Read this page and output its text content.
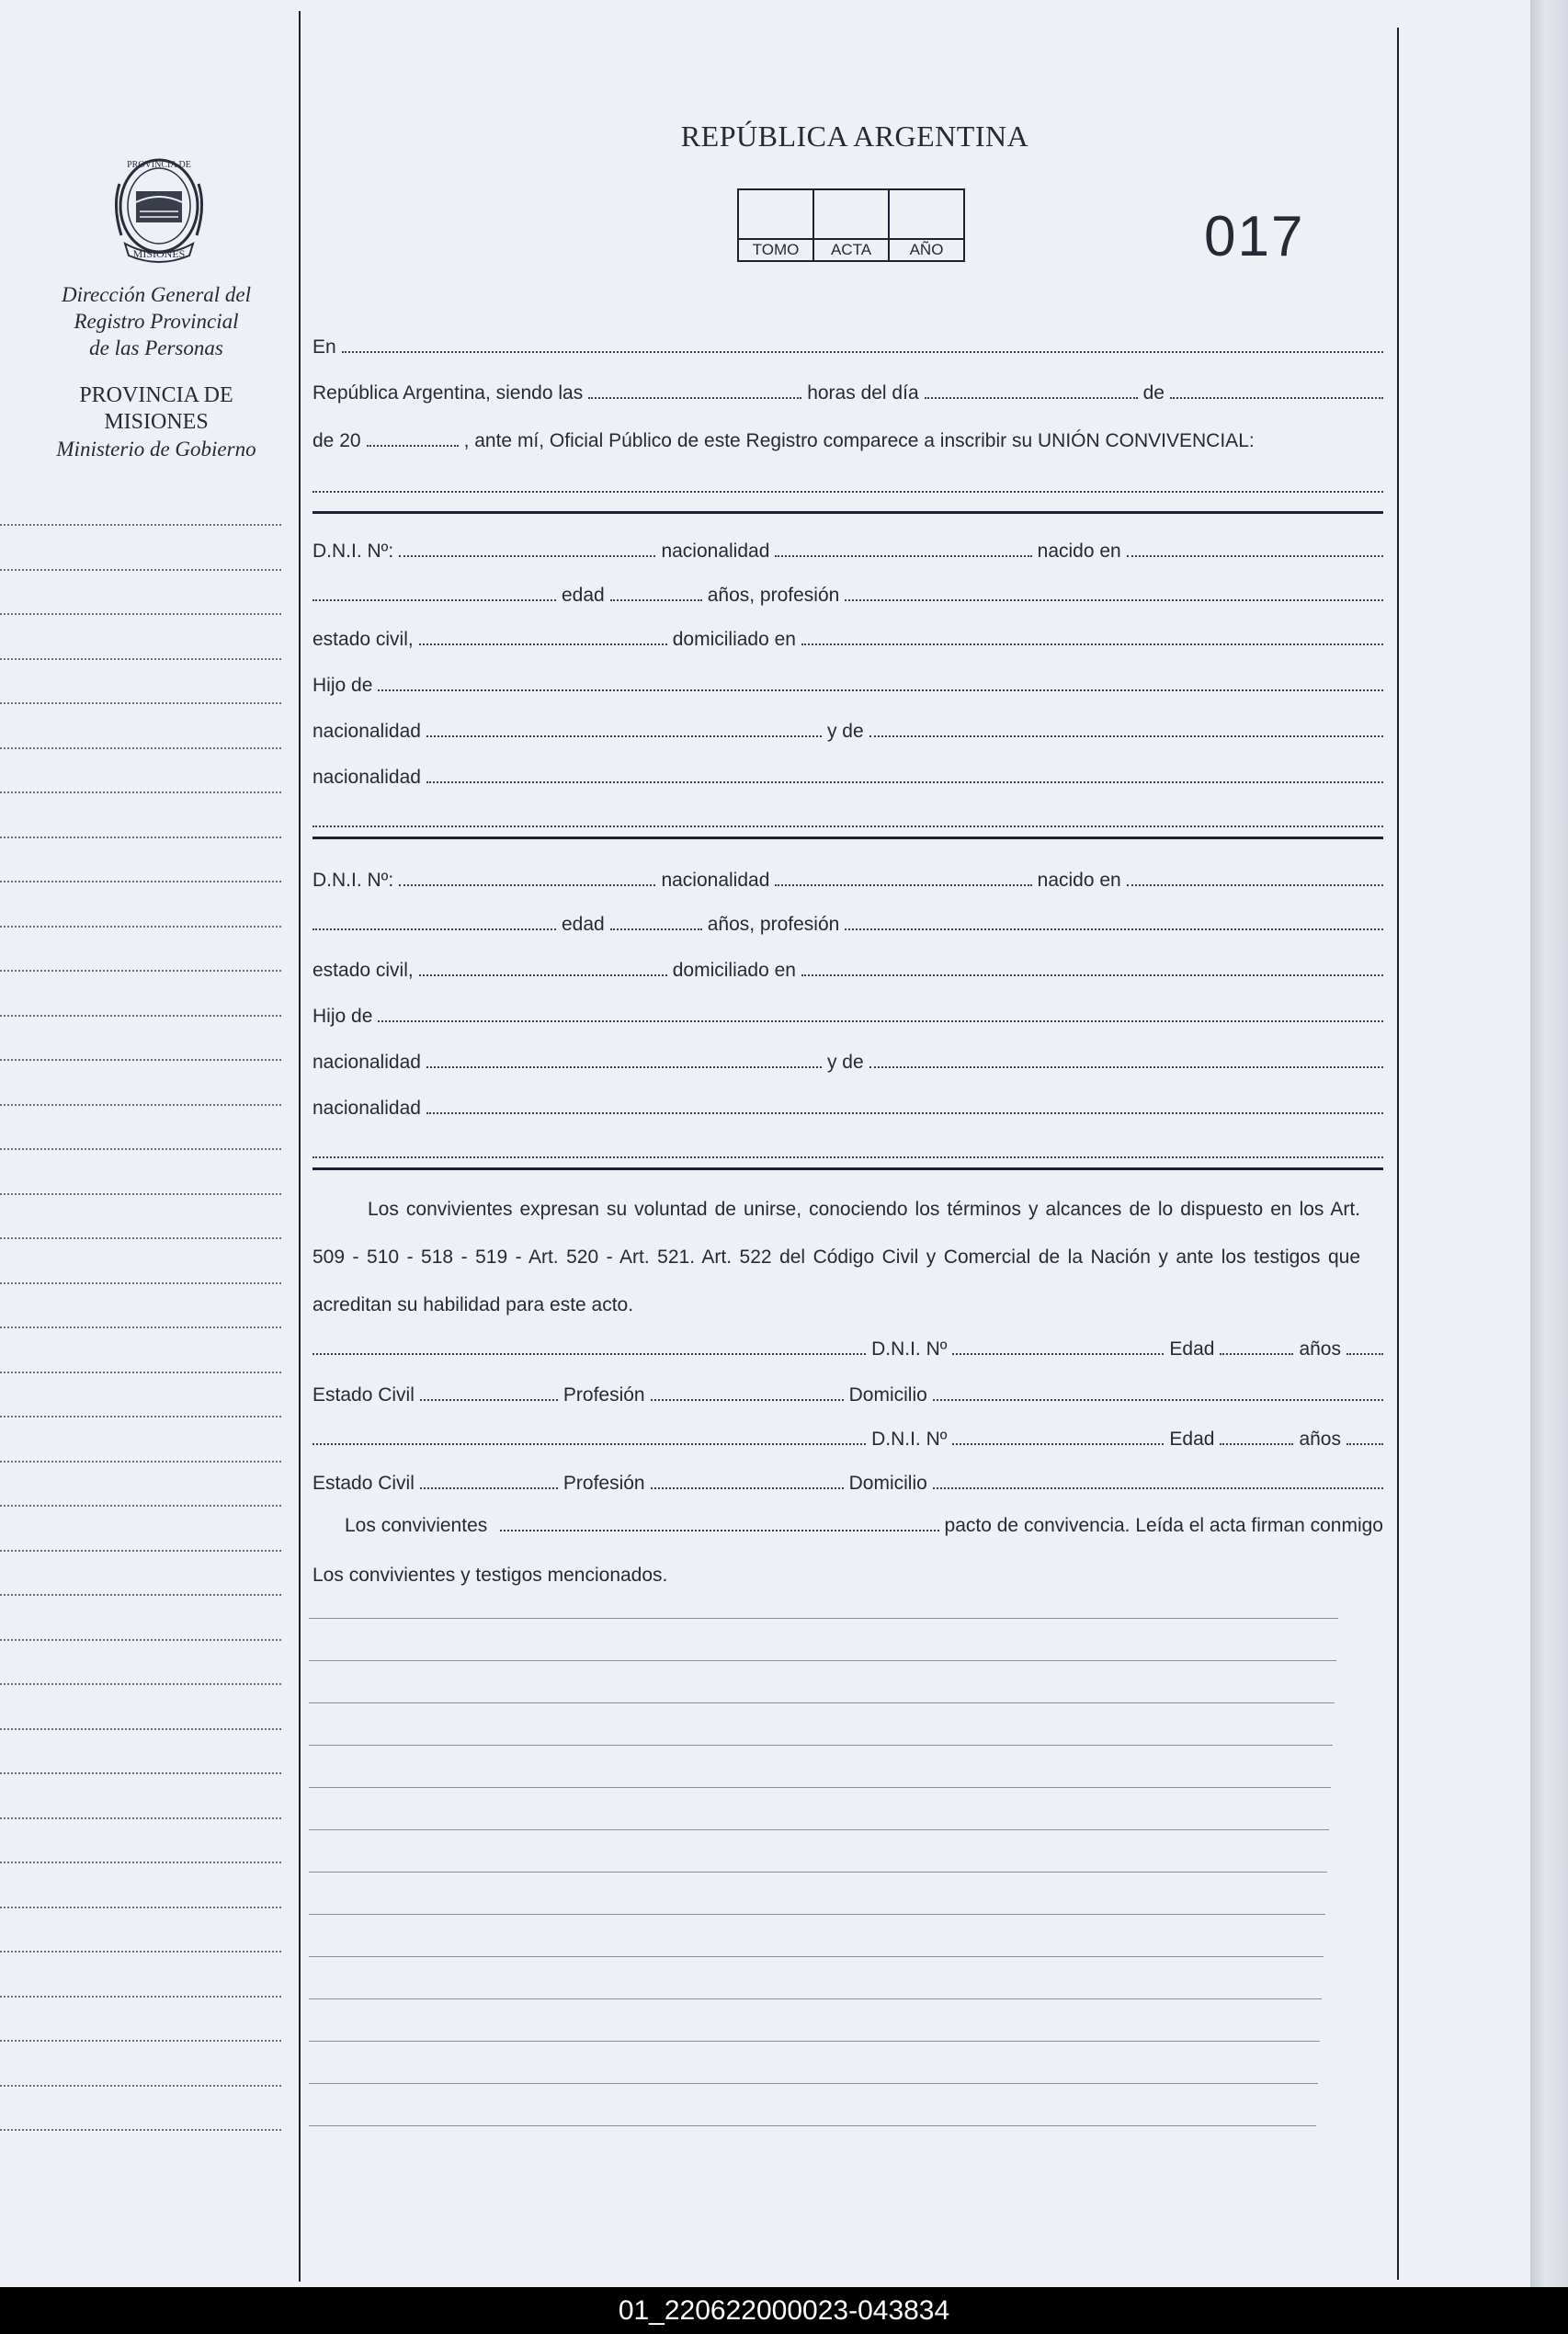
PROVINCIA DE
MISIONES
Dirección General del
Registro Provincial
de las Personas
PROVINCIA DE
MISIONES
Ministerio de Gobierno
REPÚBLICA ARGENTINA

TOMO	ACTA	AÑO	017
En
República Argentina, siendo las	horas del día	de
de 20	, ante mí, Oficial Público de este Registro comparece a inscribir su UNIÓN CONVIVENCIAL:
D.N.I. Nº:	nacionalidad	nacido en
edad	años, profesión
estado civil,	domiciliado en
Hijo de
nacionalidad	y de
nacionalidad
D.N.I. Nº:	nacionalidad	nacido en
edad	años, profesión
estado civil,	domiciliado en
Hijo de
nacionalidad	y de
nacionalidad
Los convivientes expresan su voluntad de unirse, conociendo los términos y alcances de lo dispuesto en los Art. 509 - 510 - 518 - 519 - Art. 520 - Art. 521. Art. 522 del Código Civil y Comercial de la Nación y ante los testigos que acreditan su habilidad para este acto.
D.N.I. Nº	Edad	años
Estado Civil	Profesión	Domicilio
D.N.I. Nº	Edad	años
Estado Civil	Profesión	Domicilio
Los convivientes	pacto de convivencia. Leída el acta firman conmigo
Los convivientes y testigos mencionados.
01_220622000023-043834
